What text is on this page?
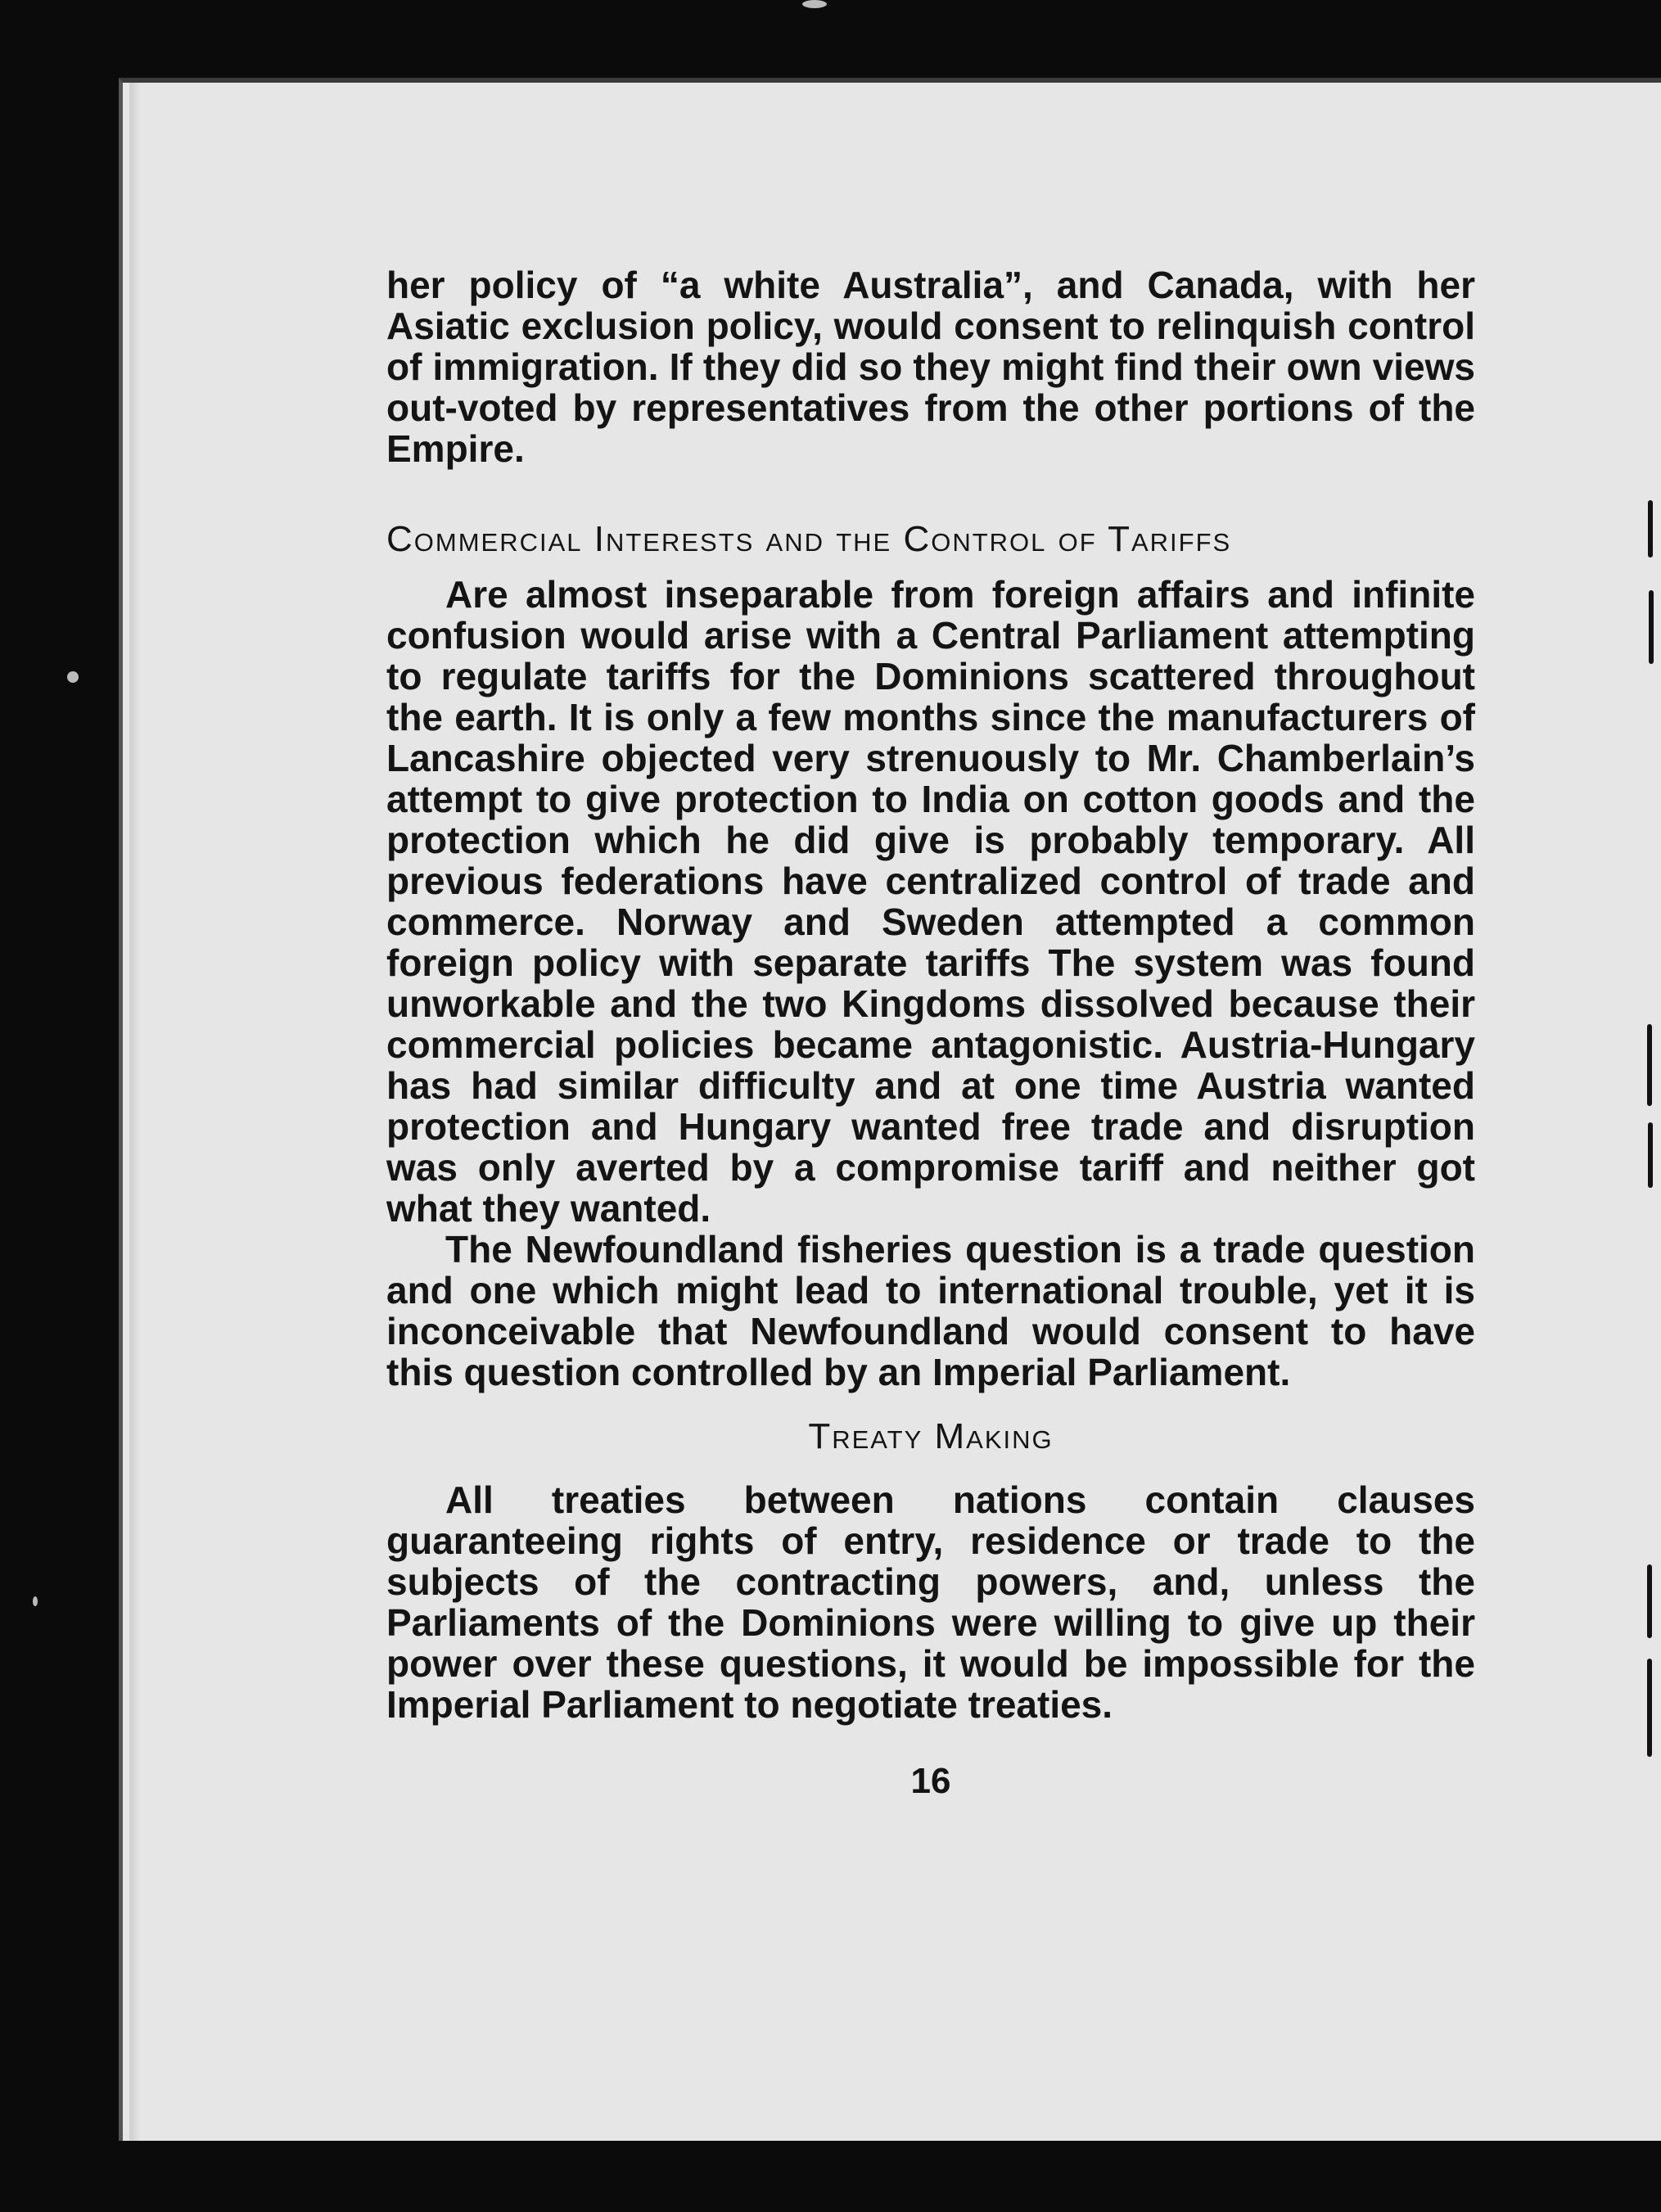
her policy of “a white Australia”, and Canada, with her Asiatic exclusion policy, would consent to relinquish control of immigration. If they did so they might find their own views out-voted by representatives from the other portions of the Empire.

Commercial Interests and the Control of Tariffs

Are almost inseparable from foreign affairs and infinite confusion would arise with a Central Parliament attempting to regulate tariffs for the Dominions scattered throughout the earth. It is only a few months since the manufacturers of Lancashire objected very strenuously to Mr. Chamberlain’s attempt to give protection to India on cotton goods and the protection which he did give is probably temporary. All previous federations have centralized control of trade and commerce. Norway and Sweden attempted a common foreign policy with separate tariffs The system was found unworkable and the two Kingdoms dissolved because their commercial policies became antagonistic. Austria-Hungary has had similar difficulty and at one time Austria wanted protection and Hungary wanted free trade and disruption was only averted by a compromise tariff and neither got what they wanted.

The Newfoundland fisheries question is a trade question and one which might lead to international trouble, yet it is inconceivable that Newfoundland would consent to have this question controlled by an Imperial Parliament.

Treaty Making

All treaties between nations contain clauses guaranteeing rights of entry, residence or trade to the subjects of the contracting powers, and, unless the Parliaments of the Dominions were willing to give up their power over these questions, it would be impossible for the Imperial Parliament to negotiate treaties.

16
